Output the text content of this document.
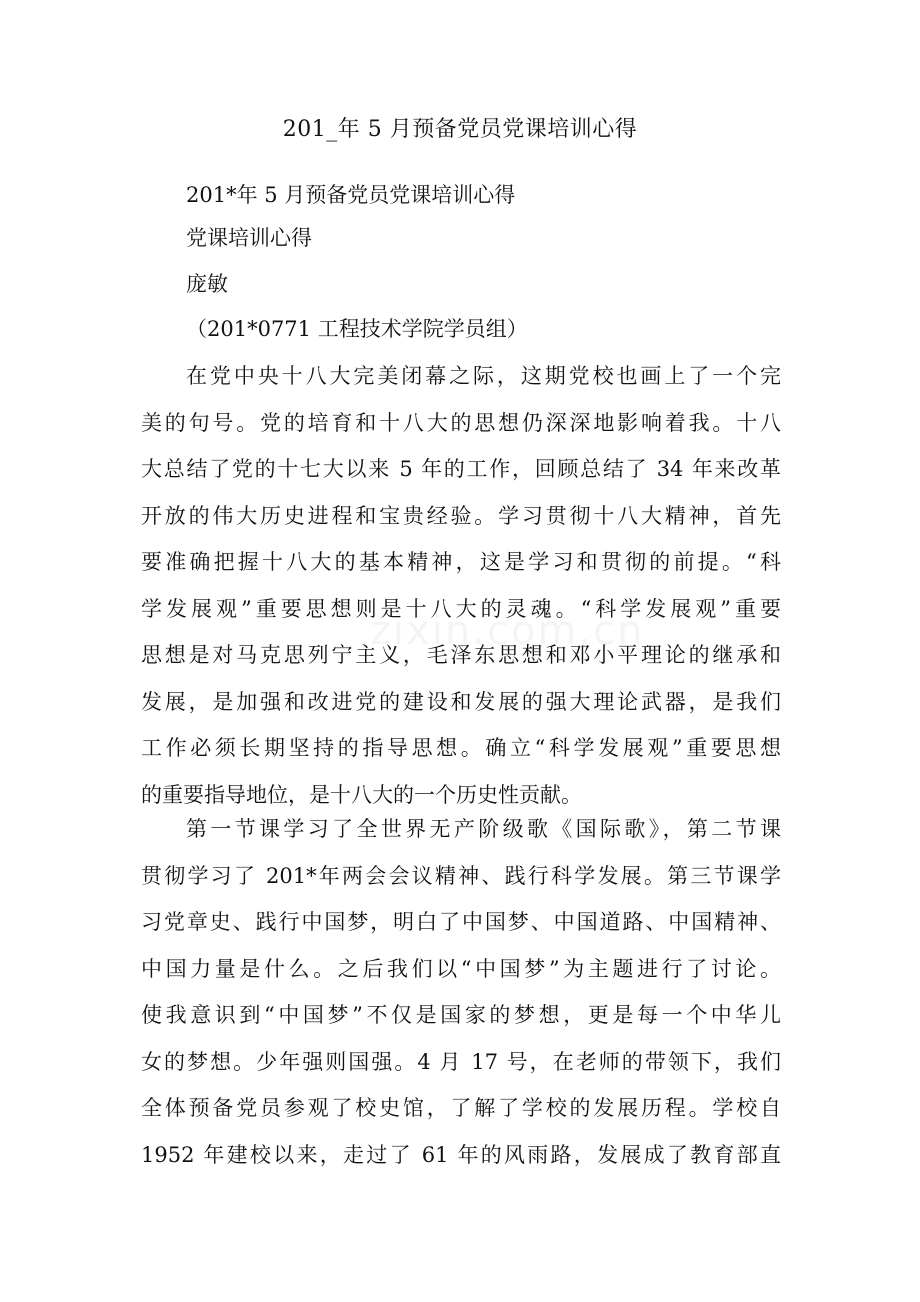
201_年 5 月预备党员党课培训心得
201*年 5 月预备党员党课培训心得
党课培训心得
庞敏
（201*0771 工程技术学院学员组）
在党中央十八大完美闭幕之际，这期党校也画上了一个完
美的句号。党的培育和十八大的思想仍深深地影响着我。十八
大总结了党的十七大以来 5 年的工作，回顾总结了 34 年来改革
开放的伟大历史进程和宝贵经验。学习贯彻十八大精神，首先
要准确把握十八大的基本精神，这是学习和贯彻的前提。“科
学发展观”重要思想则是十八大的灵魂。“科学发展观”重要
思想是对马克思列宁主义，毛泽东思想和邓小平理论的继承和
发展，是加强和改进党的建设和发展的强大理论武器，是我们
工作必须长期坚持的指导思想。确立“科学发展观”重要思想
的重要指导地位，是十八大的一个历史性贡献。
第一节课学习了全世界无产阶级歌《国际歌》，第二节课
贯彻学习了 201*年两会会议精神、践行科学发展。第三节课学
习党章史、践行中国梦，明白了中国梦、中国道路、中国精神、
中国力量是什么。之后我们以“中国梦”为主题进行了讨论。
使我意识到“中国梦”不仅是国家的梦想，更是每一个中华儿
女的梦想。少年强则国强。4 月 17 号，在老师的带领下，我们
全体预备党员参观了校史馆，了解了学校的发展历程。学校自
1952 年建校以来，走过了 61 年的风雨路，发展成了教育部直
